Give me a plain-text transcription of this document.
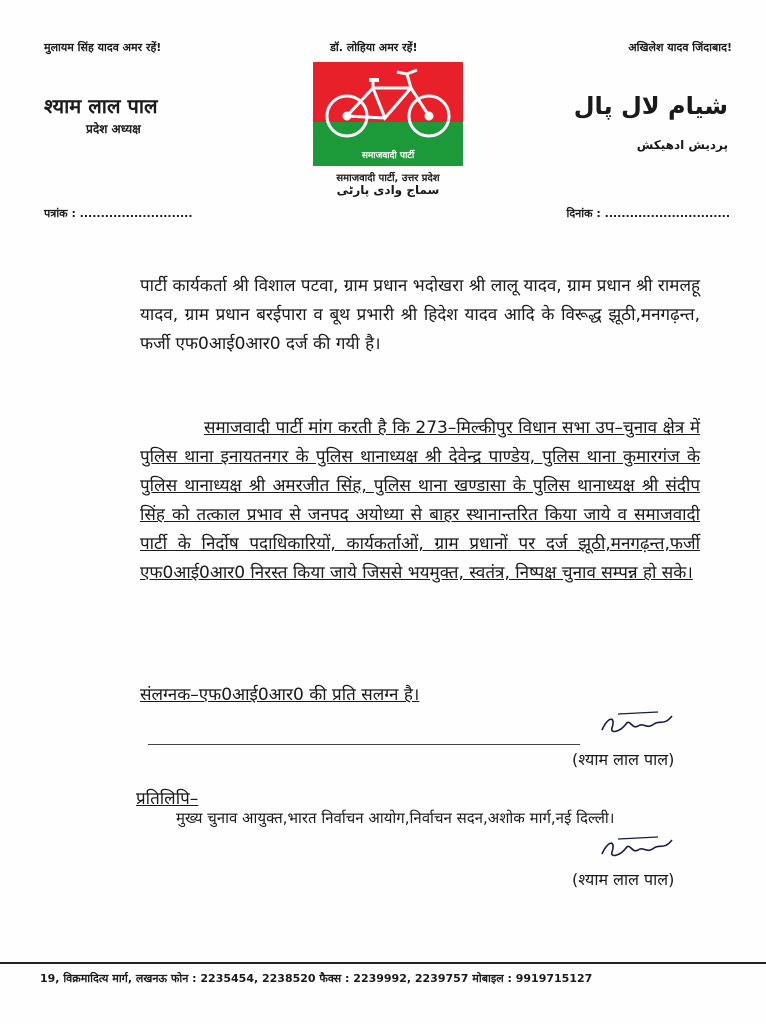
मुलायम सिंह यादव अमर रहें!	डॉ. लोहिया अमर रहें!	अखिलेश यादव जिंदाबाद!
श्याम लाल पाल
प्रदेश अध्यक्ष
شیام لال پال
پردیش ادھیکش
समाजवादी पार्टी
समाजवादी पार्टी, उत्तर प्रदेश
سماج وادی پارٹی
पत्रांक : ...........................	दिनांक : ..............................
पार्टी कार्यकर्ता श्री विशाल पटवा, ग्राम प्रधान भदोखरा श्री लालू यादव, ग्राम प्रधान श्री रामलहू यादव, ग्राम प्रधान बरईपारा व बूथ प्रभारी श्री हिदेश यादव आदि के विरूद्ध झूठी,मनगढ़न्त, फर्जी एफ0आई0आर0 दर्ज की गयी है।
समाजवादी पार्टी मांग करती है कि 273–मिल्कीपुर विधान सभा उप–चुनाव क्षेत्र में पुलिस थाना इनायतनगर के पुलिस थानाध्यक्ष श्री देवेन्द्र पाण्डेय, पुलिस थाना कुमारगंज के पुलिस थानाध्यक्ष श्री अमरजीत सिंह, पुलिस थाना खण्डासा के पुलिस थानाध्यक्ष श्री संदीप सिंह को तत्काल प्रभाव से जनपद अयोध्या से बाहर स्थानान्तरित किया जाये व समाजवादी पार्टी के निर्दोष पदाधिकारियों, कार्यकर्ताओं, ग्राम प्रधानों पर दर्ज झूठी,मनगढ़न्त,फर्जी एफ0आई0आर0 निरस्त किया जाये जिससे भयमुक्त, स्वतंत्र, निष्पक्ष चुनाव सम्पन्न हो सके।
संलग्नक–एफ0आई0आर0 की प्रति सलग्न है।
(श्याम लाल पाल)
प्रतिलिपि–
मुख्य चुनाव आयुक्त,भारत निर्वाचन आयोग,निर्वाचन सदन,अशोक मार्ग,नई दिल्ली।
(श्याम लाल पाल)
19, विक्रमादित्य मार्ग, लखनऊ फोन : 2235454, 2238520 फैक्स : 2239992, 2239757 मोबाइल : 9919715127
